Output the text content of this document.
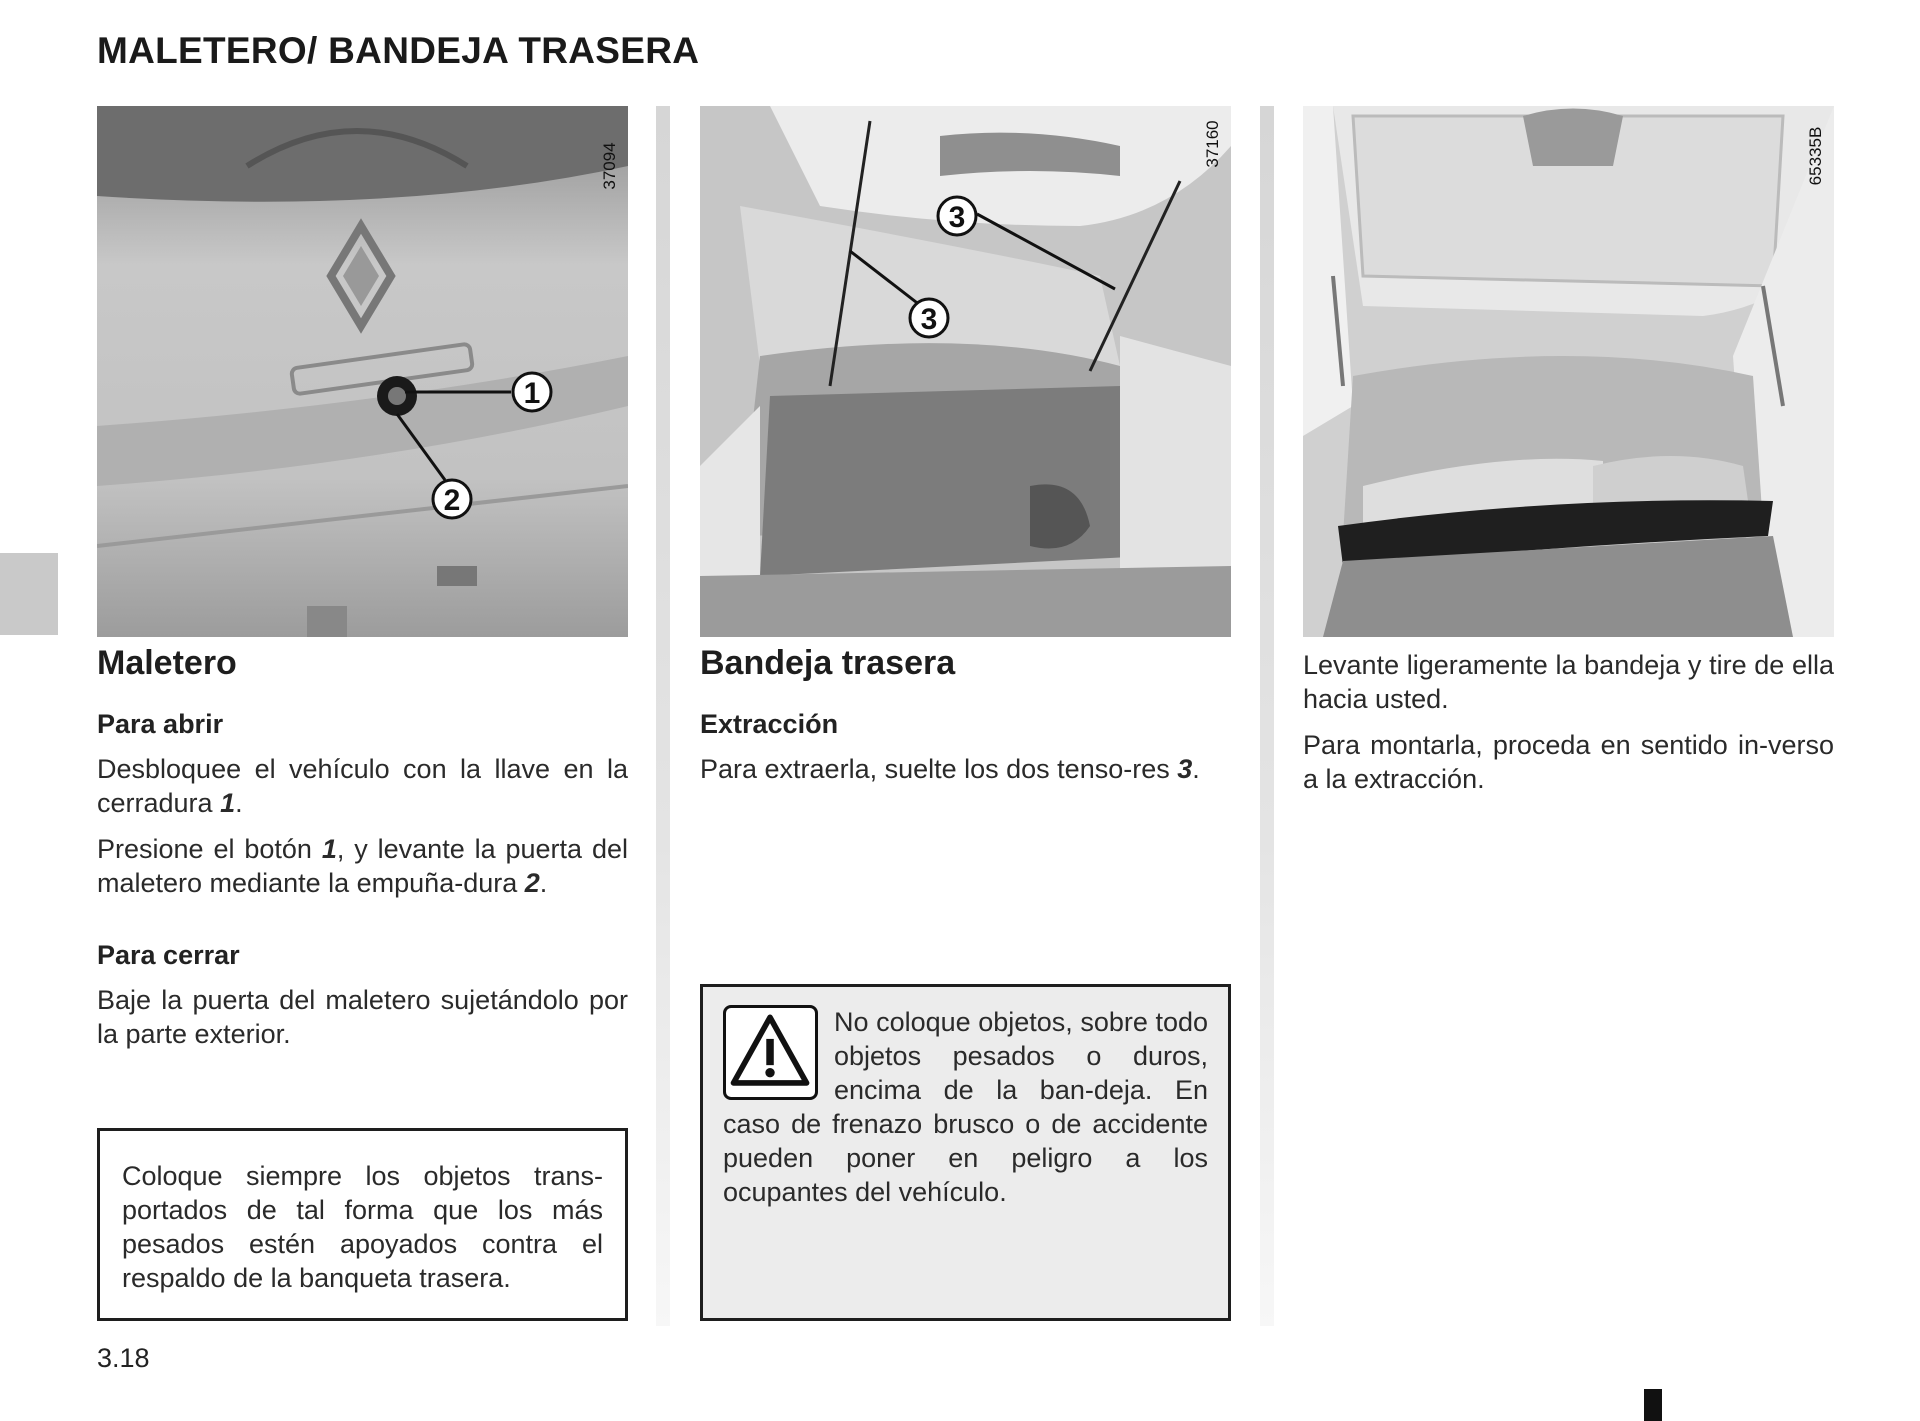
MALETERO/ BANDEJA TRASERA
1
2
37094
3
3
37160	65335B
Maletero
Para abrir

Desbloquee el vehículo con la llave en la cerradura 1.

Presione el botón 1, y levante la puerta del maletero mediante la empuña-dura 2.

Para cerrar

Baje la puerta del maletero sujetándolo por la parte exterior.

Coloque siempre los objetos trans-portados de tal forma que los más pesados estén apoyados contra el respaldo de la banqueta trasera.
Bandeja trasera
Extracción

Para extraerla, suelte los dos tenso-res 3.

No coloque objetos, sobre todo objetos pesados o duros, encima de la ban-deja. En caso de frenazo brusco o de accidente pueden poner en peligro a los ocupantes del vehículo.

Levante ligeramente la bandeja y tire de ella hacia usted.

Para montarla, proceda en sentido in-verso a la extracción.

3.18
